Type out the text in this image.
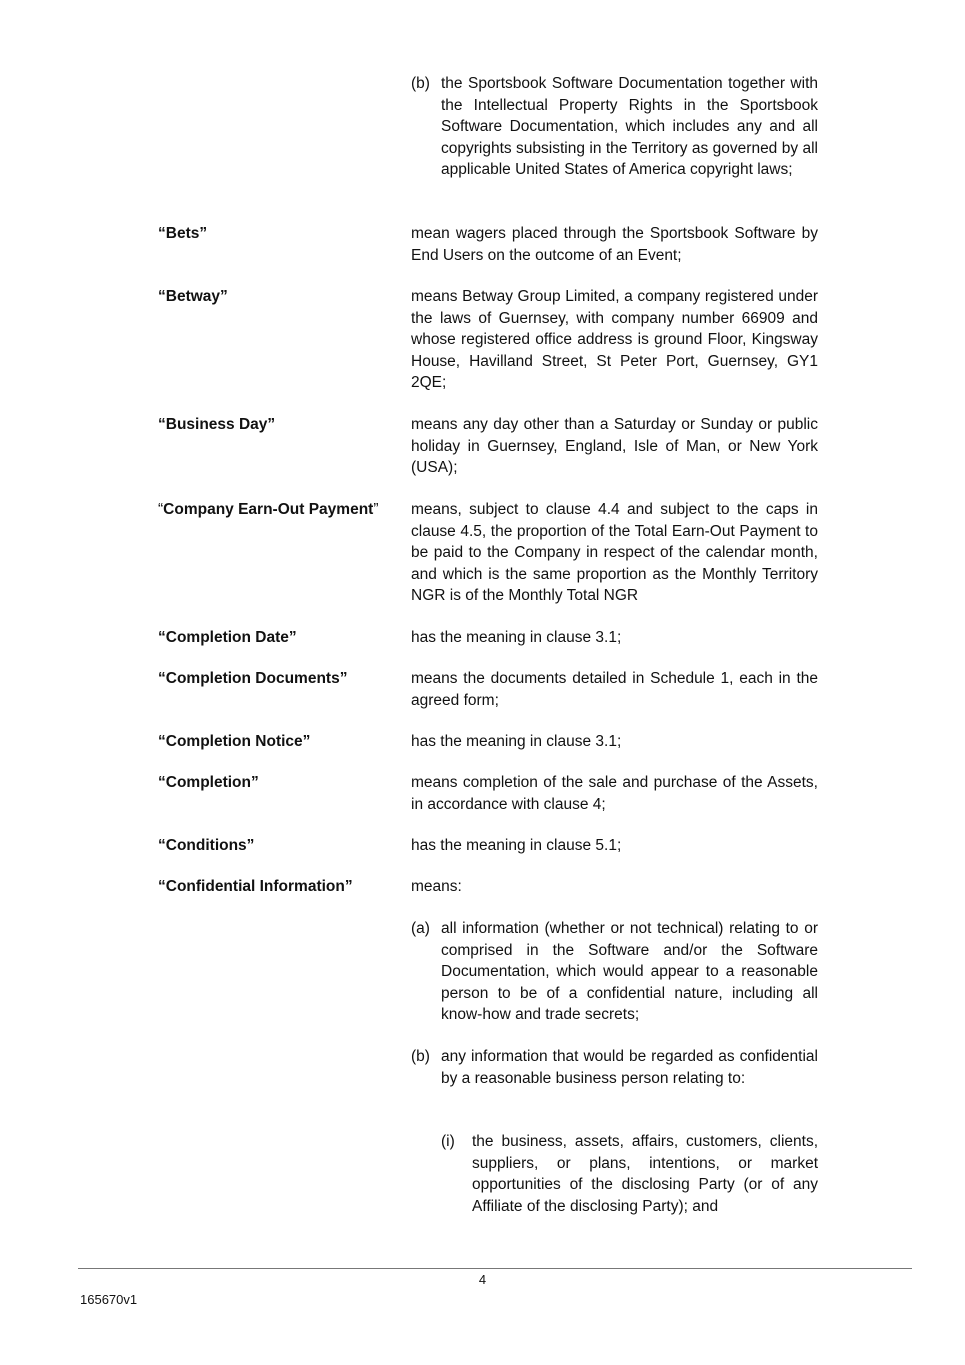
(b) the Sportsbook Software Documentation together with the Intellectual Property Rights in the Sportsbook Software Documentation, which includes any and all copyrights subsisting in the Territory as governed by all applicable United States of America copyright laws;
“Bets”	mean wagers placed through the Sportsbook Software by End Users on the outcome of an Event;
“Betway”	means Betway Group Limited, a company registered under the laws of Guernsey, with company number 66909 and whose registered office address is ground Floor, Kingsway House, Havilland Street, St Peter Port, Guernsey, GY1 2QE;
“Business Day”	means any day other than a Saturday or Sunday or public holiday in Guernsey, England, Isle of Man, or New York (USA);
“Company Earn-Out Payment”	means, subject to clause 4.4 and subject to the caps in clause 4.5, the proportion of the Total Earn-Out Payment to be paid to the Company in respect of the calendar month, and which is the same proportion as the Monthly Territory NGR is of the Monthly Total NGR
“Completion Date”	has the meaning in clause 3.1;
“Completion Documents”	means the documents detailed in Schedule 1, each in the agreed form;
“Completion Notice”	has the meaning in clause 3.1;
“Completion”	means completion of the sale and purchase of the Assets, in accordance with clause 4;
“Conditions”	has the meaning in clause 5.1;
“Confidential Information”	means:
(a) all information (whether or not technical) relating to or comprised in the Software and/or the Software Documentation, which would appear to a reasonable person to be of a confidential nature, including all know-how and trade secrets;
(b) any information that would be regarded as confidential by a reasonable business person relating to:
(i) the business, assets, affairs, customers, clients, suppliers, or plans, intentions, or market opportunities of the disclosing Party (or of any Affiliate of the disclosing Party); and
4
165670v1
